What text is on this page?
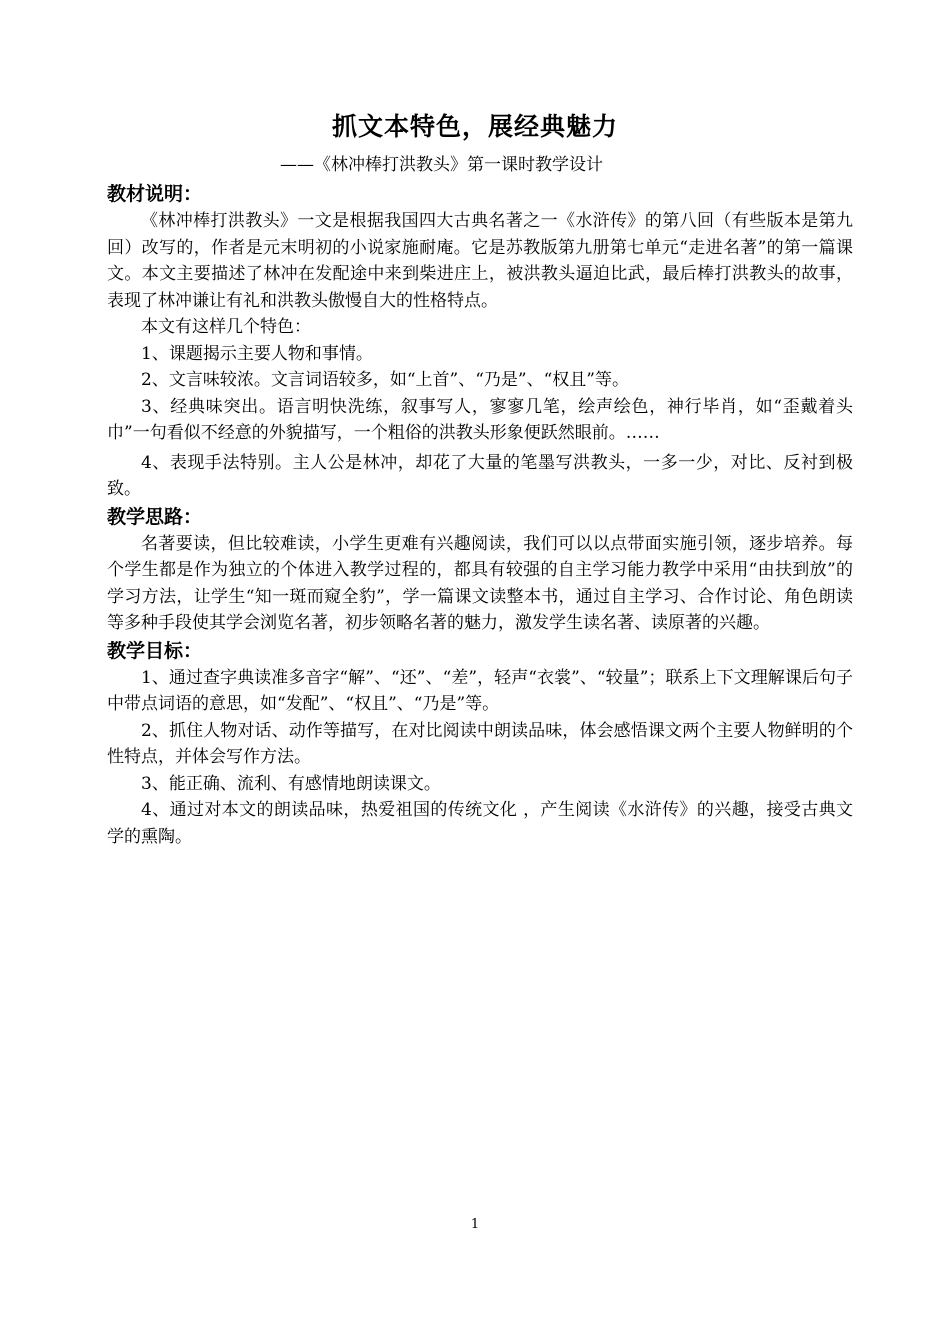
抓文本特色，展经典魅力
——《林冲棒打洪教头》第一课时教学设计

教材说明：

《林冲棒打洪教头》一文是根据我国四大古典名著之一《水浒传》的第八回（有些版本是第九回）改写的，作者是元末明初的小说家施耐庵。它是苏教版第九册第七单元“走进名著”的第一篇课文。本文主要描述了林冲在发配途中来到柴进庄上，被洪教头逼迫比武，最后棒打洪教头的故事，表现了林冲谦让有礼和洪教头傲慢自大的性格特点。

本文有这样几个特色：

1、课题揭示主要人物和事情。

2、文言味较浓。文言词语较多，如“上首”、“乃是”、“权且”等。

3、经典味突出。语言明快洗练，叙事写人，寥寥几笔，绘声绘色，神行毕肖，如“歪戴着头巾”一句看似不经意的外貌描写，一个粗俗的洪教头形象便跃然眼前。……

4、表现手法特别。主人公是林冲，却花了大量的笔墨写洪教头，一多一少，对比、反衬到极致。

教学思路：

名著要读，但比较难读，小学生更难有兴趣阅读，我们可以以点带面实施引领，逐步培养。每个学生都是作为独立的个体进入教学过程的，都具有较强的自主学习能力教学中采用“由扶到放”的学习方法，让学生“知一斑而窥全豹”，学一篇课文读整本书，通过自主学习、合作讨论、角色朗读等多种手段使其学会浏览名著，初步领略名著的魅力，激发学生读名著、读原著的兴趣。

教学目标：

1、通过查字典读准多音字“解”、“还”、“差”，轻声“衣裳”、“较量”；联系上下文理解课后句子中带点词语的意思，如“发配”、“权且”、“乃是”等。

2、抓住人物对话、动作等描写，在对比阅读中朗读品味，体会感悟课文两个主要人物鲜明的个性特点，并体会写作方法。

3、能正确、流利、有感情地朗读课文。

4、通过对本文的朗读品味，热爱祖国的传统文化 ，产生阅读《水浒传》的兴趣，接受古典文学的熏陶。

1
